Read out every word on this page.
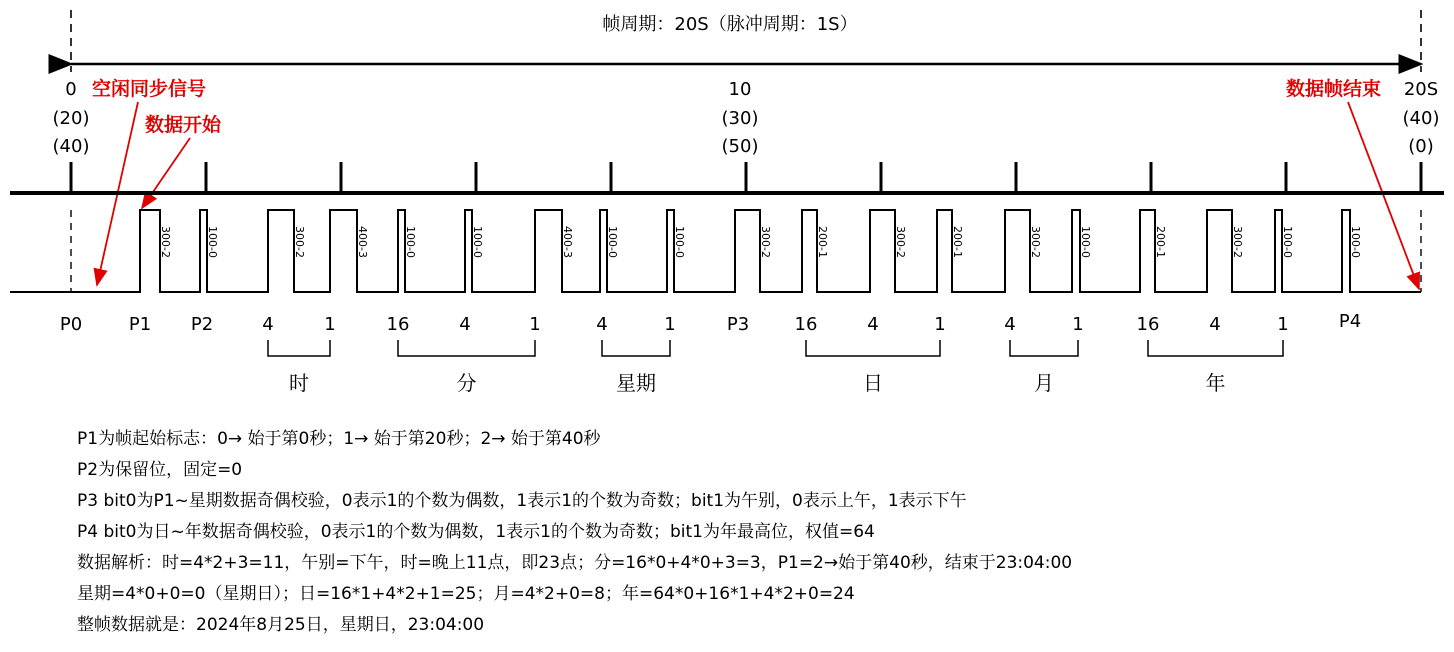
帧周期：20S（脉冲周期：1S）
0
(20)
(40)
10
(30)
(50)
20S
(40)
(0)
空闲同步信号
数据开始
数据帧结束
300-2	100-0	300-2	400-3	100-0	100-0	400-3	100-0	100-0	300-2	200-1	300-2	200-1	300-2	100-0	200-1	300-2	100-0	100-0
P0	P1 P2	4	1	16	4	1	4	1	P3	16	4	1	4	1	16	4	1	P4
时	分	星期	日	月	年
P1为帧起始标志：0→ 始于第0秒；1→ 始于第20秒；2→ 始于第40秒
P2为保留位，固定=0
P3 bit0为P1~星期数据奇偶校验，0表示1的个数为偶数，1表示1的个数为奇数；bit1为午别，0表示上午，1表示下午
P4 bit0为日~年数据奇偶校验，0表示1的个数为偶数，1表示1的个数为奇数；bit1为年最高位，权值=64
数据解析：时=4*2+3=11，午别=下午，时=晚上11点，即23点；分=16*0+4*0+3=3，P1=2→始于第40秒，结束于23:04:00
星期=4*0+0=0（星期日）；日=16*1+4*2+1=25；月=4*2+0=8；年=64*0+16*1+4*2+0=24
整帧数据就是：2024年8月25日，星期日，23:04:00
